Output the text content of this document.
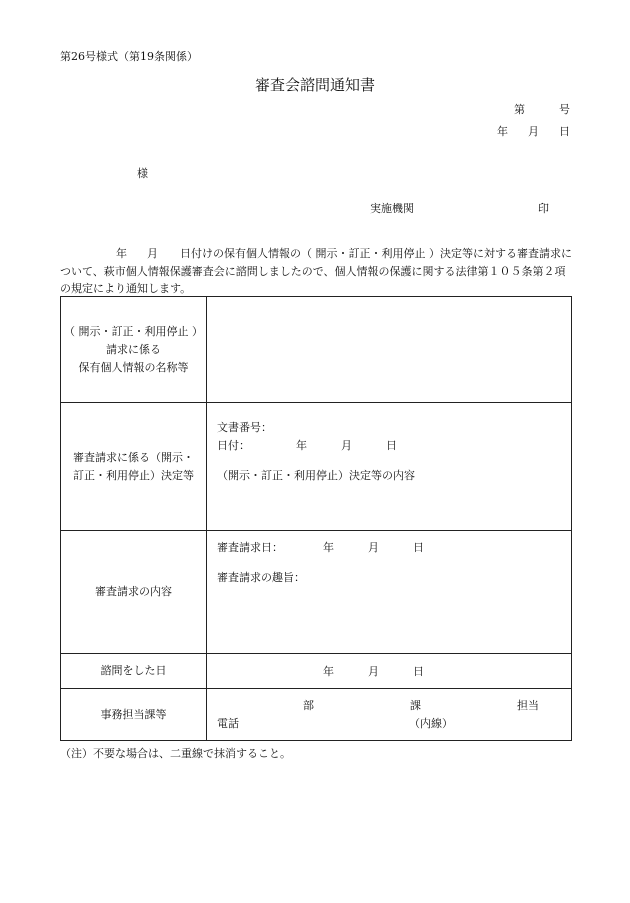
第26号様式（第19条関係）
審査会諮問通知書
第	号
年 月 日
様
実施機関	印

年 月 日付けの保有個人情報の（ 開示・訂正・利用停止 ）決定等に対する審査請求に

ついて、萩市個人情報保護審査会に諮問しましたので、個人情報の保護に関する法律第１０５条第２項

の規定により通知します。

（ 開示・訂正・利用停止 ）
請求に係る
保有個人情報の名称等	

審査請求に係る（開示・
訂正・利用停止）決定等	文書番号：
日付： 年 月 日
（開示・訂正・利用停止）決定等の内容

審査請求の内容	審査請求日： 年 月 日
審査請求の趣旨：

諮問をした日	年 月 日
事務担当課等	部 課 担当
電話 （内線）
（注）不要な場合は、二重線で抹消すること。
